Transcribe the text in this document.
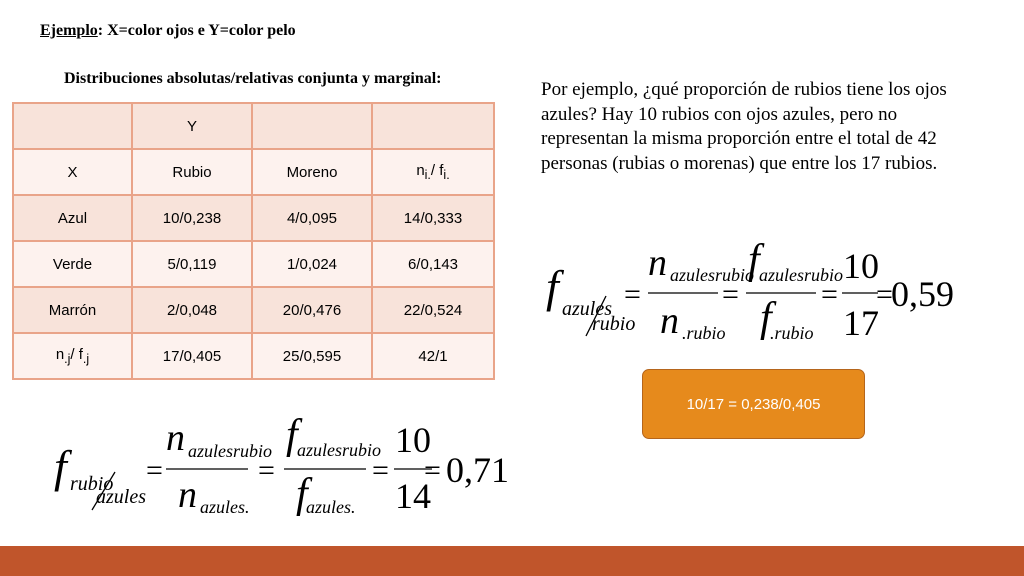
Ejemplo: X=color ojos e Y=color pelo
Distribuciones absolutas/relativas conjunta y marginal:
	Y		
X	Rubio	Moreno	$n_{i.}/$ $f_{i.}$
Azul	10/0,238	4/0,095	14/0,333
Verde	5/0,119	1/0,024	6/0,143
Marrón	2/0,048	20/0,476	22/0,524
$n_{.j}/$ $f_{.j}$	17/0,405	25/0,595	42/1
Por ejemplo, ¿qué proporción de rubios tiene los ojos azules? Hay 10 rubios con ojos azules, pero no representan la misma proporción entre el total de 42 personas (rubias o morenas) que entre los 17 rubios.
f azules
rubio
=
n azulesrubio
n .rubio
=
f azulesrubio
f
.rubio
=
10
17
=
0,59
f rubio
azules
=
n azulesrubio
n azules.
=
f azulesrubio
f
azules.
=
10
14
= 0,71
10/17 = 0,238/0,405
